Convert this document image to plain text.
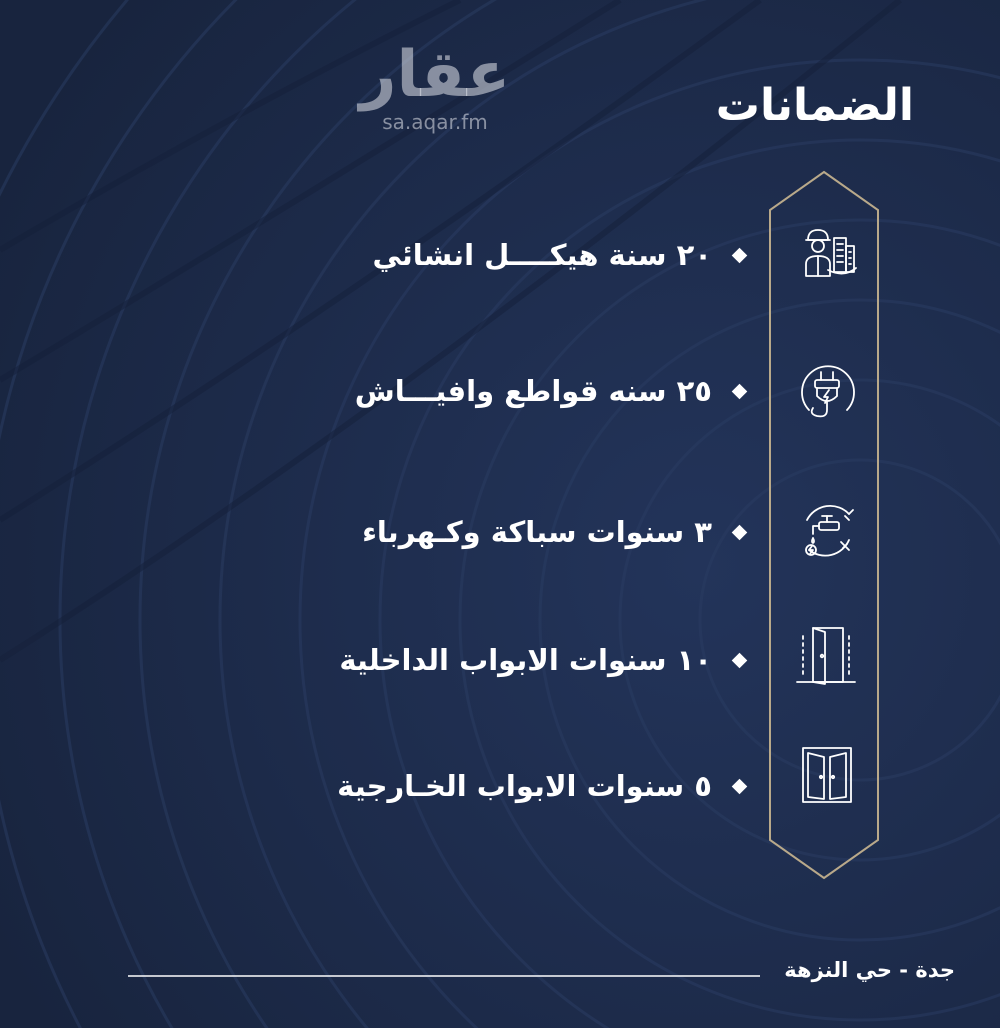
عقار
sa.aqar.fm	الضمانات
٢٠ سنة هيكــــل انشائي
٢٥ سنه قواطع وافيـــاش
٣ سنوات سباكة وكـهرباء
١٠ سنوات الابواب الداخلية
٥ سنوات الابواب الخـارجية
جدة - حي النزهة
